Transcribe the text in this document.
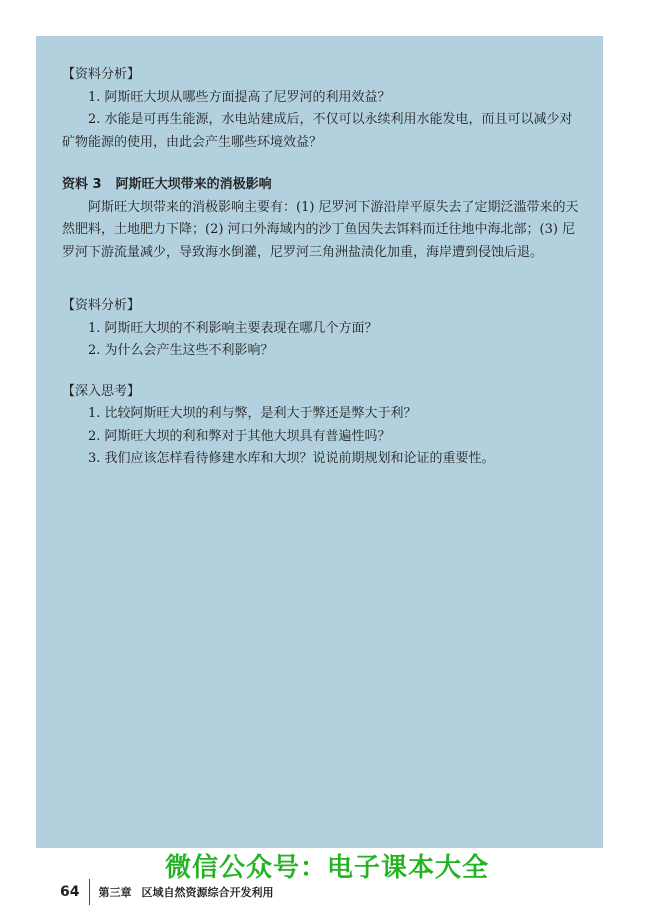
【资料分析】

1. 阿斯旺大坝从哪些方面提高了尼罗河的利用效益？

2. 水能是可再生能源，水电站建成后，不仅可以永续利用水能发电，而且可以减少对矿物能源的使用，由此会产生哪些环境效益？

资料 3 阿斯旺大坝带来的消极影响

阿斯旺大坝带来的消极影响主要有：(1) 尼罗河下游沿岸平原失去了定期泛滥带来的天然肥料，土地肥力下降；(2) 河口外海域内的沙丁鱼因失去饵料而迁往地中海北部；(3) 尼罗河下游流量减少，导致海水倒灌，尼罗河三角洲盐渍化加重，海岸遭到侵蚀后退。

【资料分析】

1. 阿斯旺大坝的不利影响主要表现在哪几个方面？

2. 为什么会产生这些不利影响？

【深入思考】

1. 比较阿斯旺大坝的利与弊，是利大于弊还是弊大于利？

2. 阿斯旺大坝的利和弊对于其他大坝具有普遍性吗？

3. 我们应该怎样看待修建水库和大坝？说说前期规划和论证的重要性。

微信公众号：电子课本大全
64 第三章 区域自然资源综合开发利用
